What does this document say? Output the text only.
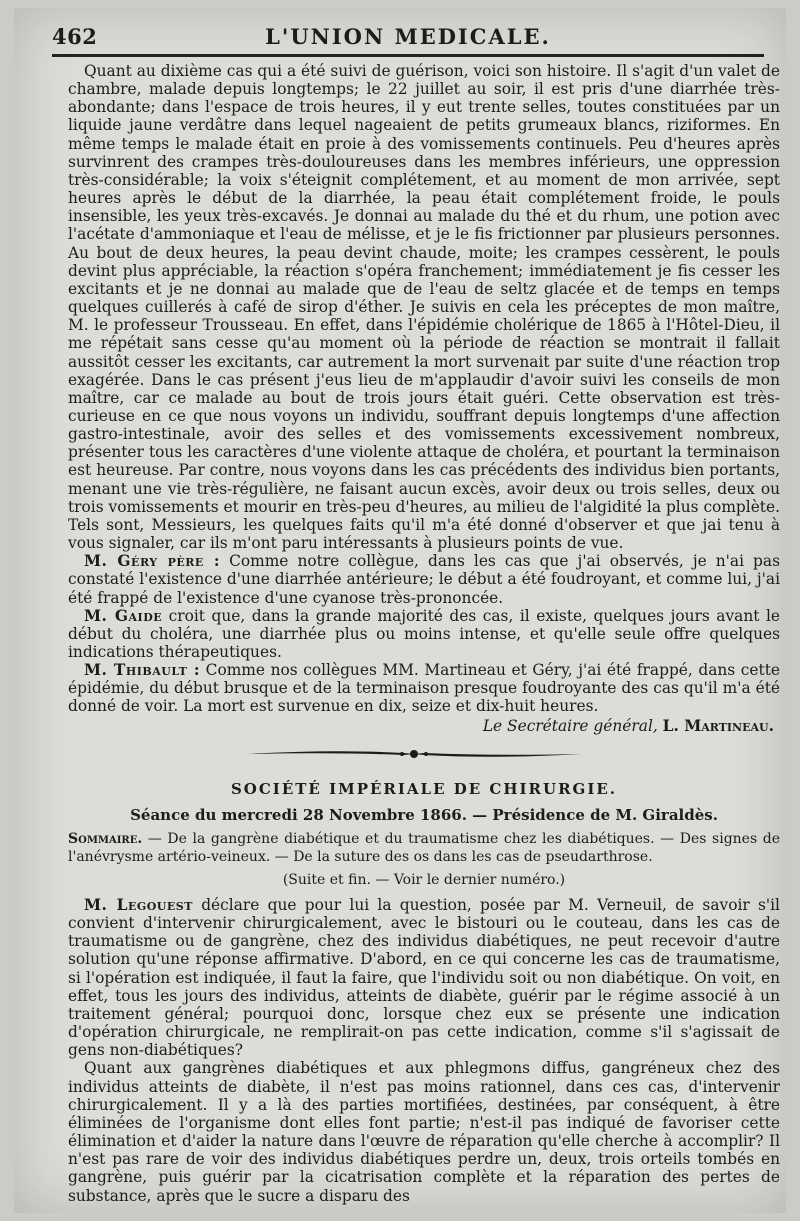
462	L'UNION MEDICALE.

Quant au dixième cas qui a été suivi de guérison, voici son histoire. Il s'agit d'un valet de chambre, malade depuis longtemps; le 22 juillet au soir, il est pris d'une diarrhée très-abondante; dans l'espace de trois heures, il y eut trente selles, toutes constituées par un liquide jaune verdâtre dans lequel nageaient de petits grumeaux blancs, riziformes. En même temps le malade était en proie à des vomissements continuels. Peu d'heures après survinrent des crampes très-douloureuses dans les membres inférieurs, une oppression très-considérable; la voix s'éteignit complétement, et au moment de mon arrivée, sept heures après le début de la diarrhée, la peau était complétement froide, le pouls insensible, les yeux très-excavés. Je donnai au malade du thé et du rhum, une potion avec l'acétate d'ammoniaque et l'eau de mélisse, et je le fis frictionner par plusieurs personnes. Au bout de deux heures, la peau devint chaude, moite; les crampes cessèrent, le pouls devint plus appréciable, la réaction s'opéra franchement; immédiatement je fis cesser les excitants et je ne donnai au malade que de l'eau de seltz glacée et de temps en temps quelques cuillerés à café de sirop d'éther. Je suivis en cela les préceptes de mon maître, M. le professeur Trousseau. En effet, dans l'épidémie cholérique de 1865 à l'Hôtel-Dieu, il me répétait sans cesse qu'au moment où la période de réaction se montrait il fallait aussitôt cesser les excitants, car autrement la mort survenait par suite d'une réaction trop exagérée. Dans le cas présent j'eus lieu de m'applaudir d'avoir suivi les conseils de mon maître, car ce malade au bout de trois jours était guéri. Cette observation est très-curieuse en ce que nous voyons un individu, souffrant depuis longtemps d'une affection gastro-intestinale, avoir des selles et des vomissements excessivement nombreux, présenter tous les caractères d'une violente attaque de choléra, et pourtant la terminaison est heureuse. Par contre, nous voyons dans les cas précédents des individus bien portants, menant une vie très-régulière, ne faisant aucun excès, avoir deux ou trois selles, deux ou trois vomissements et mourir en très-peu d'heures, au milieu de l'algidité la plus complète. Tels sont, Messieurs, les quelques faits qu'il m'a été donné d'observer et que jai tenu à vous signaler, car ils m'ont paru intéressants à plusieurs points de vue.

M. Géry père : Comme notre collègue, dans les cas que j'ai observés, je n'ai pas constaté l'existence d'une diarrhée antérieure; le début a été foudroyant, et comme lui, j'ai été frappé de l'existence d'une cyanose très-prononcée.

M. Gaide croit que, dans la grande majorité des cas, il existe, quelques jours avant le début du choléra, une diarrhée plus ou moins intense, et qu'elle seule offre quelques indications thérapeutiques.

M. Thibault : Comme nos collègues MM. Martineau et Géry, j'ai été frappé, dans cette épidémie, du début brusque et de la terminaison presque foudroyante des cas qu'il m'a été donné de voir. La mort est survenue en dix, seize et dix-huit heures.

Le Secrétaire général, L. Martineau.
SOCIÉTÉ IMPÉRIALE DE CHIRURGIE.
Séance du mercredi 28 Novembre 1866. — Présidence de M. Giraldès.
Sommaire. — De la gangrène diabétique et du traumatisme chez les diabétiques. — Des signes de l'anévrysme artério-veineux. — De la suture des os dans les cas de pseudarthrose.
(Suite et fin. — Voir le dernier numéro.)

M. Legouest déclare que pour lui la question, posée par M. Verneuil, de savoir s'il convient d'intervenir chirurgicalement, avec le bistouri ou le couteau, dans les cas de traumatisme ou de gangrène, chez des individus diabétiques, ne peut recevoir d'autre solution qu'une réponse affirmative. D'abord, en ce qui concerne les cas de traumatisme, si l'opération est indiquée, il faut la faire, que l'individu soit ou non diabétique. On voit, en effet, tous les jours des individus, atteints de diabète, guérir par le régime associé à un traitement général; pourquoi donc, lorsque chez eux se présente une indication d'opération chirurgicale, ne remplirait-on pas cette indication, comme s'il s'agissait de gens non-diabétiques?

Quant aux gangrènes diabétiques et aux phlegmons diffus, gangréneux chez des individus atteints de diabète, il n'est pas moins rationnel, dans ces cas, d'intervenir chirurgicalement. Il y a là des parties mortifiées, destinées, par conséquent, à être éliminées de l'organisme dont elles font partie; n'est-il pas indiqué de favoriser cette élimination et d'aider la nature dans l'œuvre de réparation qu'elle cherche à accomplir? Il n'est pas rare de voir des individus diabétiques perdre un, deux, trois orteils tombés en gangrène, puis guérir par la cicatrisation complète et la réparation des pertes de substance, après que le sucre a disparu des
